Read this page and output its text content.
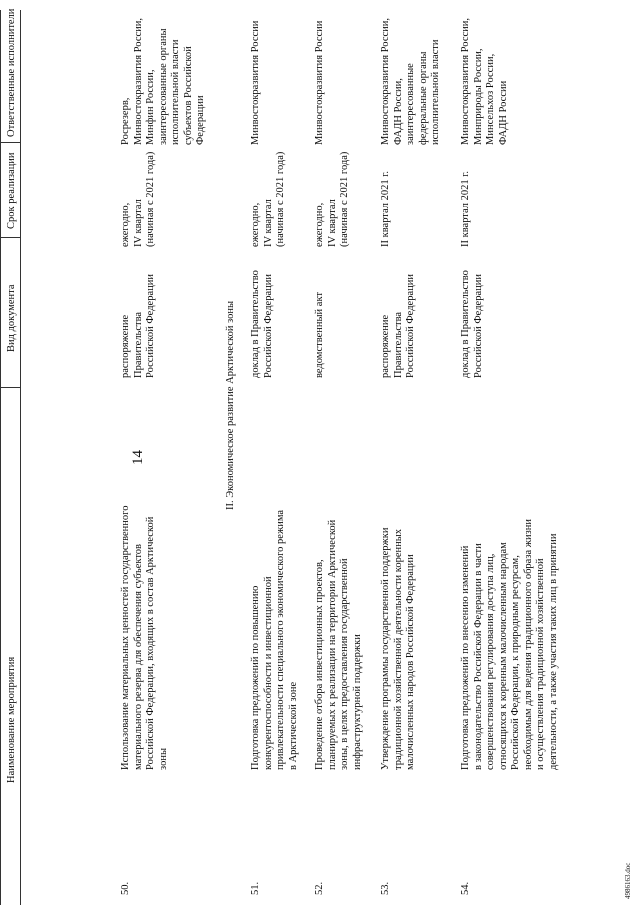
14
Наименование мероприятия
Вид документа
Срок реализации
Ответственные исполнители
50.
Использование материальных ценностей государственного
материального резерва для обеспечения субъектов
Российской Федерации, входящих в состав Арктической
зоны
распоряжение
Правительства
Российской Федерации
ежегодно,
IV квартал
(начиная с 2021 года)
Росрезерв,
Минвостокразвития России,
Минфин России,
заинтересованные органы
исполнительной власти
субъектов Российской
Федерации
II. Экономическое развитие Арктической зоны
51.
Подготовка предложений по повышению
конкурентоспособности и инвестиционной
привлекательности специального экономического режима
в Арктической зоне
доклад в Правительство
Российской Федерации
ежегодно,
IV квартал
(начиная с 2021 года)
Минвостокразвития России
52.
Проведение отбора инвестиционных проектов,
планируемых к реализации на территории Арктической
зоны, в целях предоставления государственной
инфраструктурной поддержки
ведомственный акт
ежегодно,
IV квартал
(начиная с 2021 года)
Минвостокразвития России
53.
Утверждение программы государственной поддержки
традиционной хозяйственной деятельности коренных
малочисленных народов Российской Федерации
распоряжение
Правительства
Российской Федерации
II квартал 2021 г.
Минвостокразвития России,
ФАДН России,
заинтересованные
федеральные органы
исполнительной власти
54.
Подготовка предложений по внесению изменений
в законодательство Российской Федерации в части
совершенствования регулирования доступа лиц,
относящихся к коренным малочисленным народам
Российской Федерации, к природным ресурсам,
необходимым для ведения традиционного образа жизни
и осуществления традиционной хозяйственной
деятельности, а также участия таких лиц в принятии
доклад в Правительство
Российской Федерации
II квартал 2021 г.
Минвостокразвития России,
Минприроды России,
Минсельхоз России,
ФАДН России
4986163.doc
